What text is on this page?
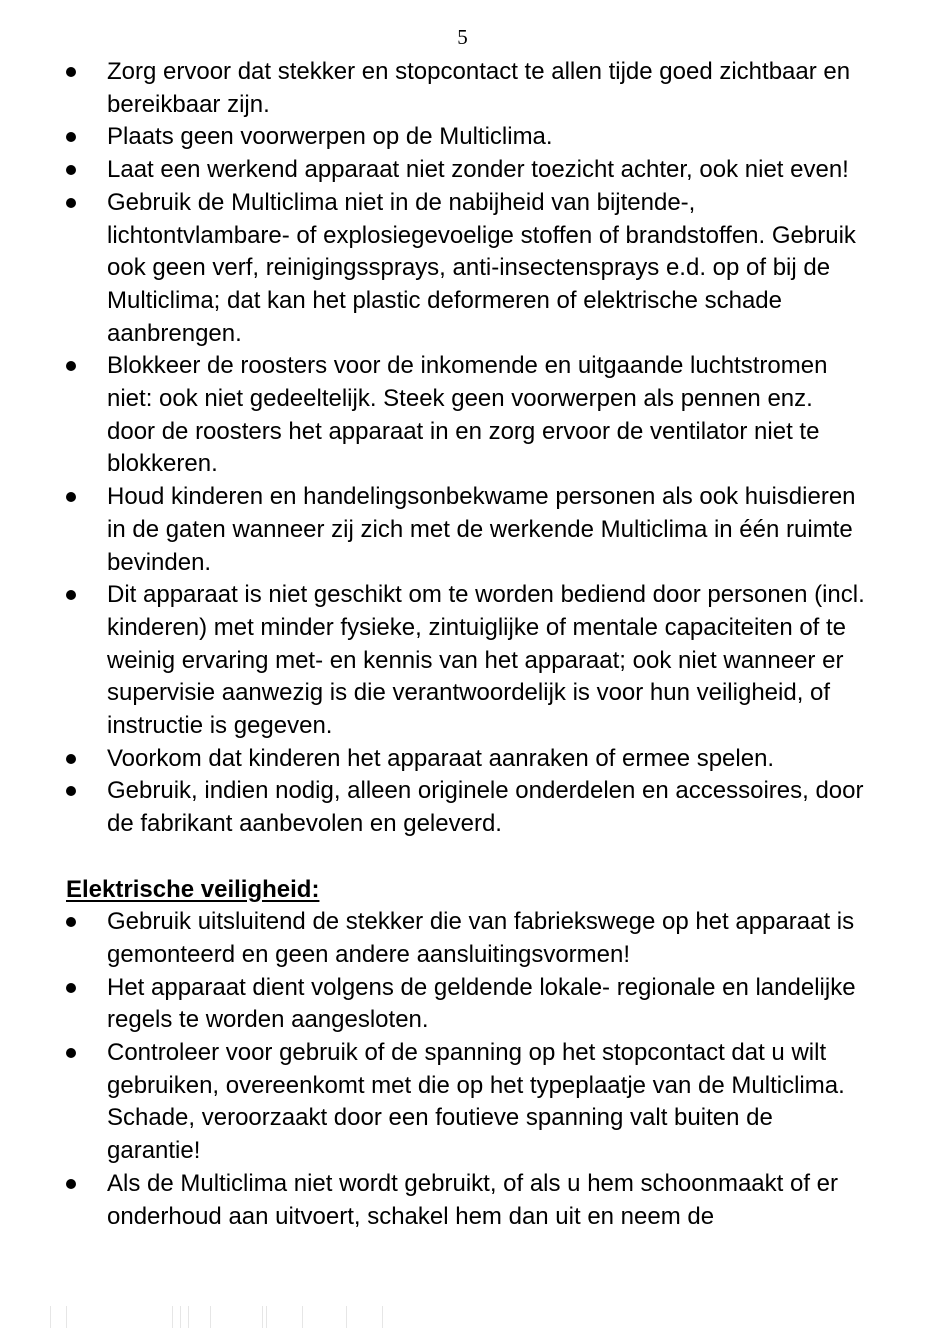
5
Zorg ervoor dat stekker en stopcontact te allen tijde goed zichtbaar en bereikbaar zijn.
Plaats geen voorwerpen op de Multiclima.
Laat een werkend apparaat niet zonder toezicht achter, ook niet even!
Gebruik de Multiclima niet in de nabijheid van bijtende-, lichtontvlambare- of explosiegevoelige stoffen of brandstoffen. Gebruik ook geen verf, reinigingssprays, anti-insectensprays e.d. op of bij de Multiclima; dat kan het plastic deformeren of elektrische schade aanbrengen.
Blokkeer de roosters voor de inkomende en uitgaande luchtstromen niet: ook niet gedeeltelijk. Steek geen voorwerpen als pennen enz. door de roosters het apparaat in en zorg ervoor de ventilator niet te blokkeren.
Houd kinderen en handelingsonbekwame personen als ook huisdieren in de gaten wanneer zij zich met de werkende Multiclima in één ruimte bevinden.
Dit apparaat is niet geschikt om te worden bediend door personen (incl. kinderen) met minder fysieke, zintuiglijke of mentale capaciteiten of te weinig ervaring met- en kennis van het apparaat; ook niet wanneer er supervisie aanwezig is die verantwoordelijk is voor hun veiligheid, of instructie is gegeven.
Voorkom dat kinderen het apparaat aanraken of ermee spelen.
Gebruik, indien nodig, alleen originele onderdelen en accessoires, door de fabrikant aanbevolen en geleverd.
Elektrische veiligheid:
Gebruik uitsluitend de stekker die van fabriekswege op het apparaat is gemonteerd en geen andere aansluitingsvormen!
Het apparaat dient volgens de geldende lokale- regionale en landelijke regels te worden aangesloten.
Controleer voor gebruik of de spanning op het stopcontact dat u wilt gebruiken, overeenkomt met die op het typeplaatje van de Multiclima. Schade, veroorzaakt door een foutieve spanning valt buiten de garantie!
Als de Multiclima niet wordt gebruikt, of als u hem schoonmaakt of er onderhoud aan uitvoert, schakel hem dan uit en neem de
